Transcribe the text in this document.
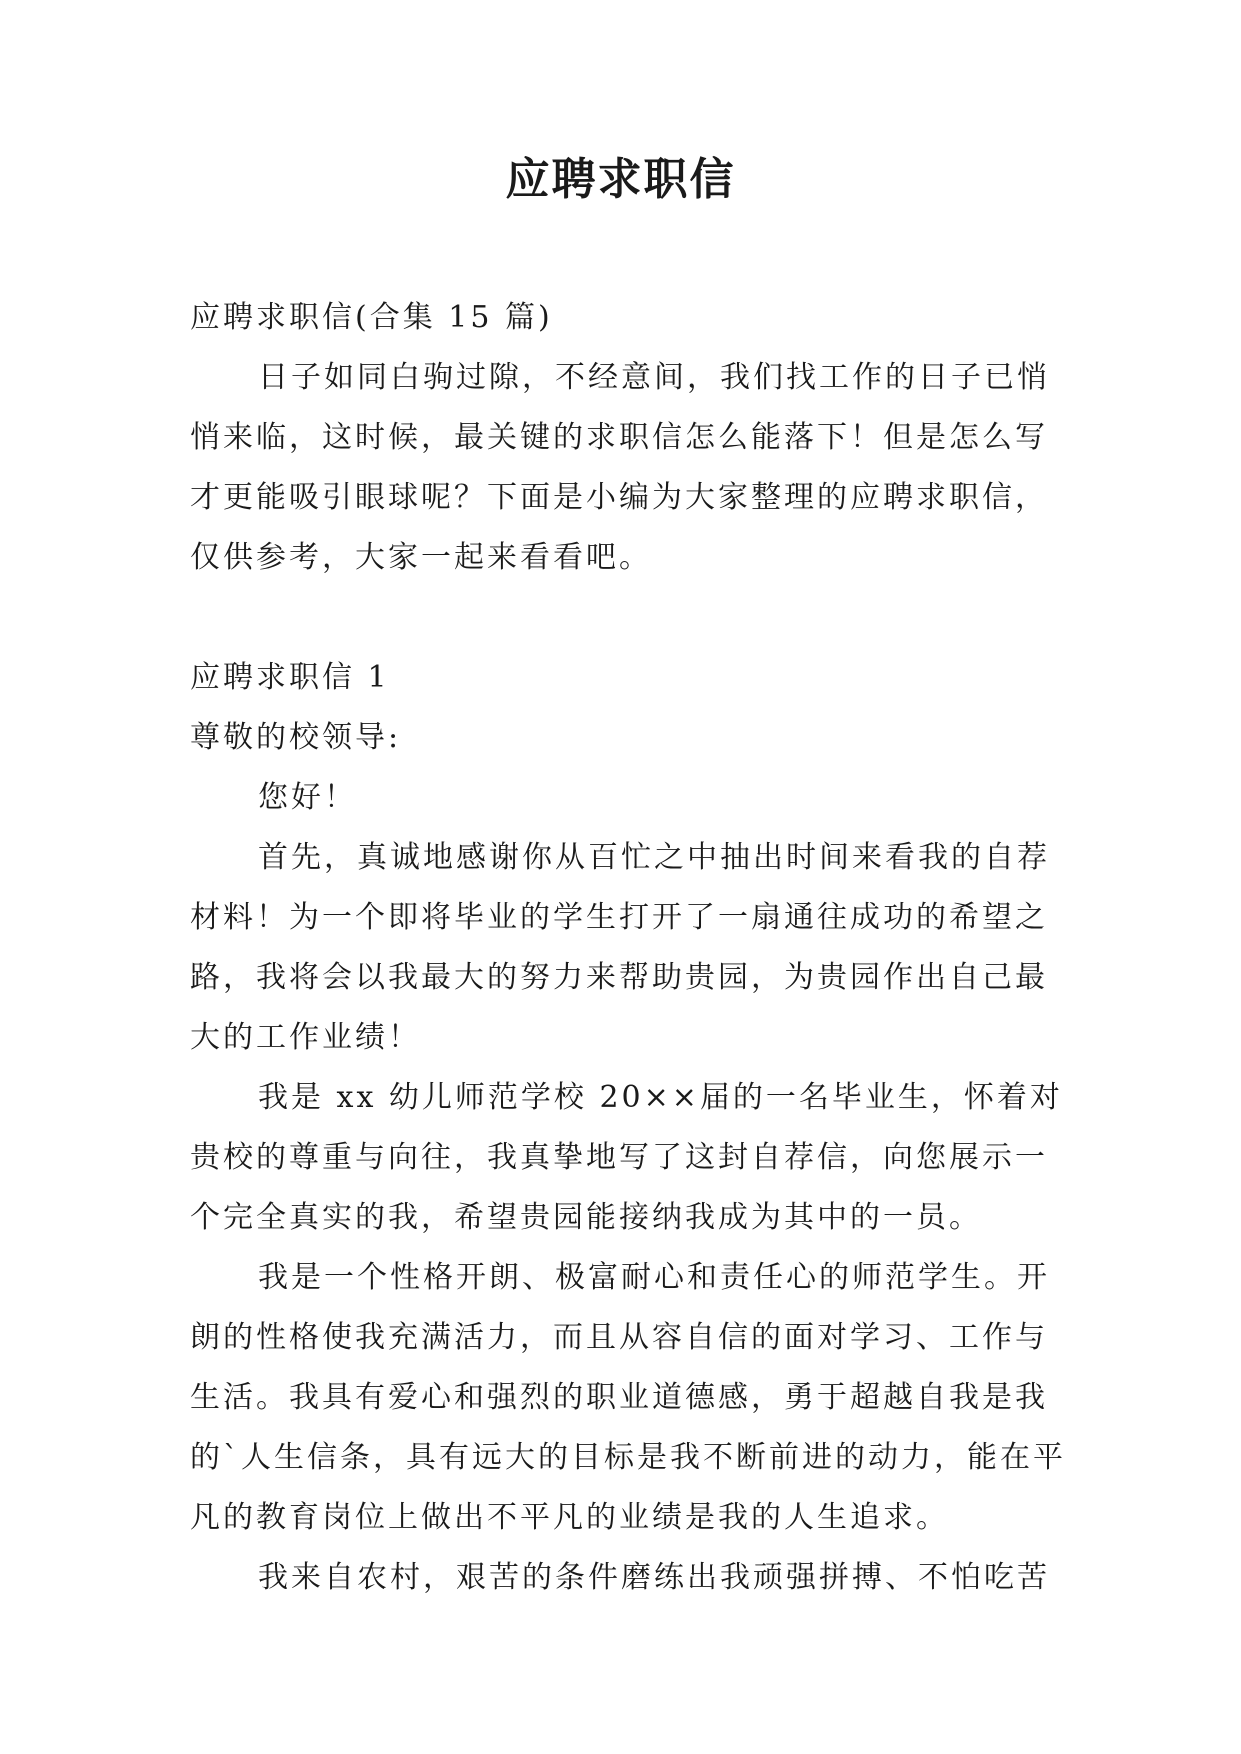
应聘求职信

应聘求职信(合集 15 篇)

日子如同白驹过隙，不经意间，我们找工作的日子已悄悄来临，这时候，最关键的求职信怎么能落下！但是怎么写才更能吸引眼球呢？下面是小编为大家整理的应聘求职信，仅供参考，大家一起来看看吧。

应聘求职信 1

尊敬的校领导:

您好！

首先，真诚地感谢你从百忙之中抽出时间来看我的自荐材料！为一个即将毕业的学生打开了一扇通往成功的希望之路，我将会以我最大的努力来帮助贵园，为贵园作出自己最大的工作业绩！

我是 xx 幼儿师范学校 20××届的一名毕业生，怀着对贵校的尊重与向往，我真挚地写了这封自荐信，向您展示一个完全真实的我，希望贵园能接纳我成为其中的一员。

我是一个性格开朗、极富耐心和责任心的师范学生。开朗的性格使我充满活力，而且从容自信的面对学习、工作与生活。我具有爱心和强烈的职业道德感，勇于超越自我是我的`人生信条，具有远大的目标是我不断前进的动力，能在平凡的教育岗位上做出不平凡的业绩是我的人生追求。

我来自农村，艰苦的条件磨练出我顽强拼搏、不怕吃苦
